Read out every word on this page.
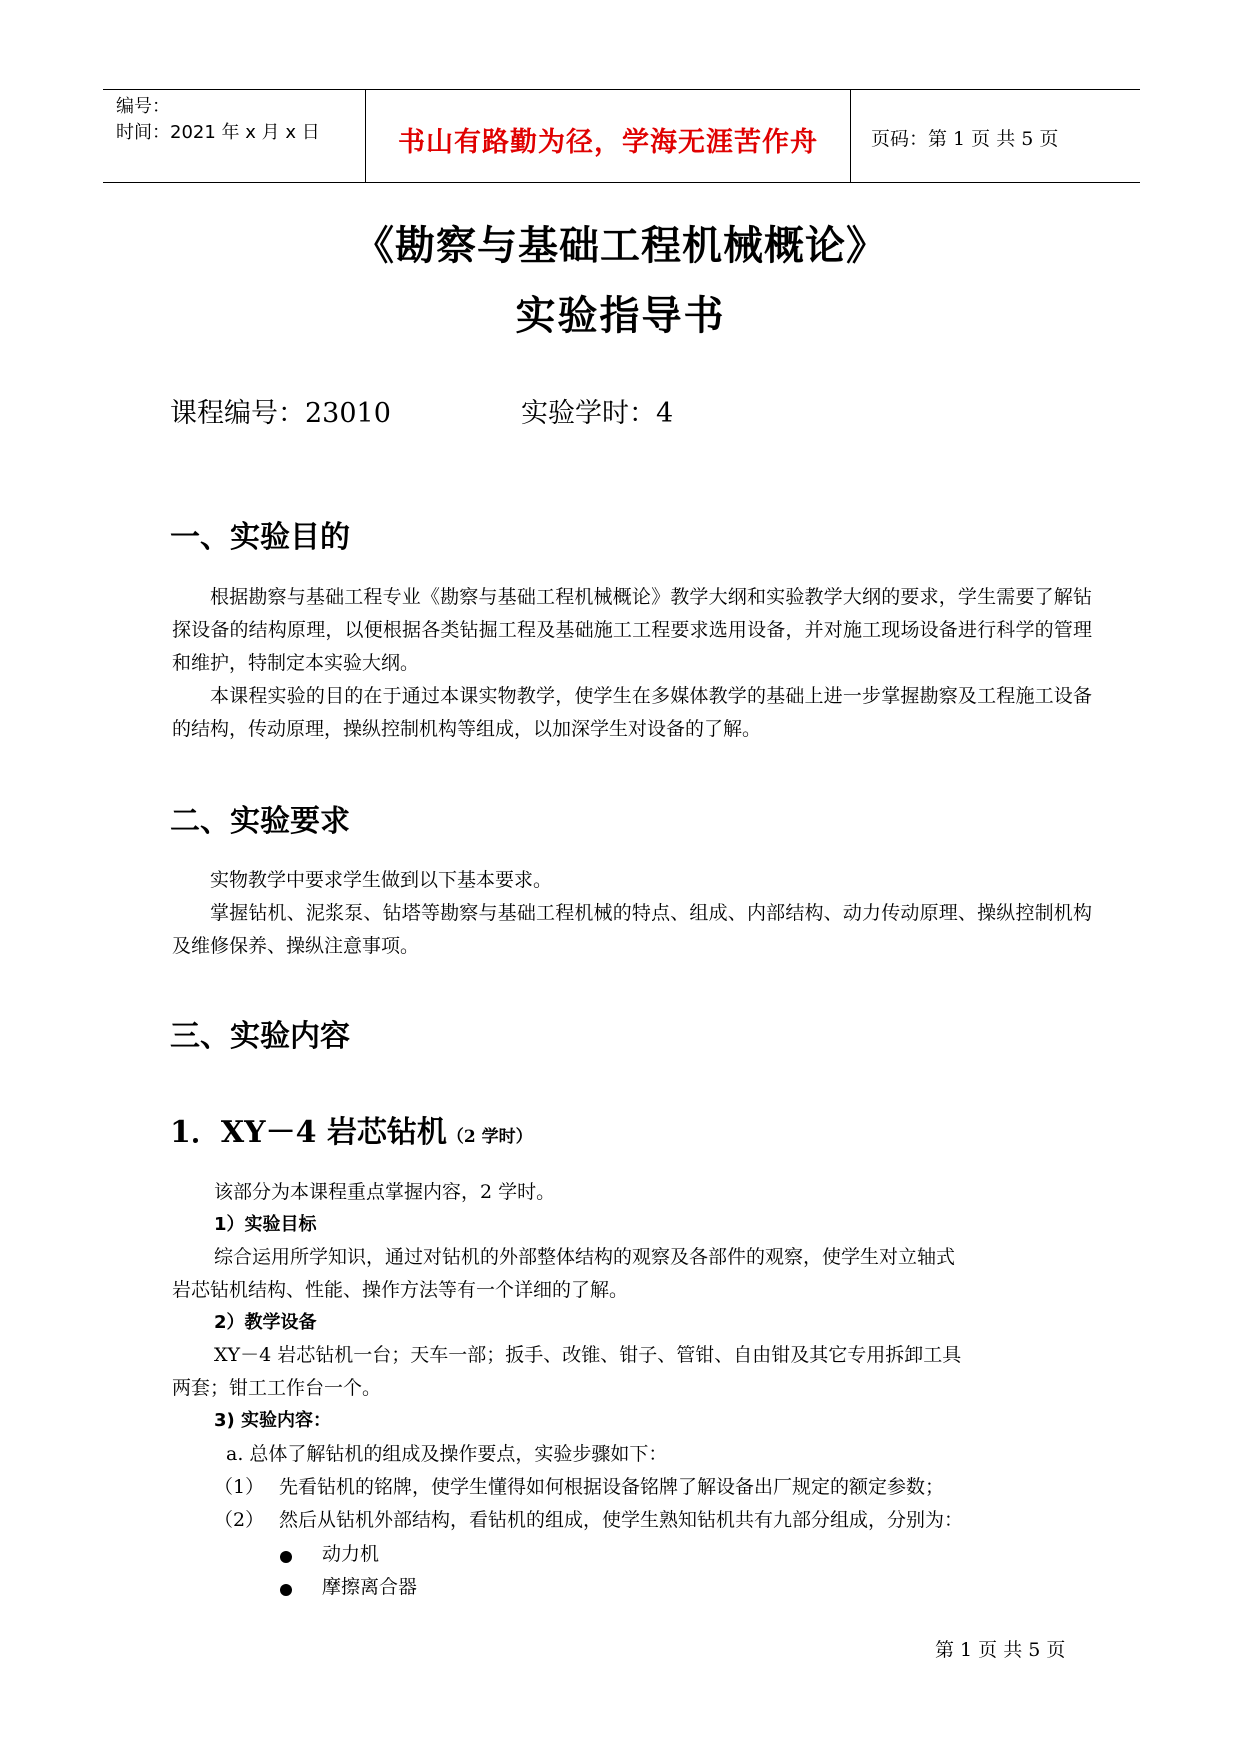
编号：
时间：2021 年 x 月 x 日	书山有路勤为径，学海无涯苦作舟	页码：第 1 页 共 5 页
《勘察与基础工程机械概论》
实验指导书
课程编号：23010	实验学时：4
一、实验目的

根据勘察与基础工程专业《勘察与基础工程机械概论》教学大纲和实验教学大纲的要求，学生需要了解钻探设备的结构原理，以便根据各类钻掘工程及基础施工工程要求选用设备，并对施工现场设备进行科学的管理和维护，特制定本实验大纲。

本课程实验的目的在于通过本课实物教学，使学生在多媒体教学的基础上进一步掌握勘察及工程施工设备的结构，传动原理，操纵控制机构等组成，以加深学生对设备的了解。

二、实验要求

实物教学中要求学生做到以下基本要求。

掌握钻机、泥浆泵、钻塔等勘察与基础工程机械的特点、组成、内部结构、动力传动原理、操纵控制机构及维修保养、操纵注意事项。

三、实验内容
1．XY－4 岩芯钻机（2 学时）
该部分为本课程重点掌握内容，2 学时。
1）实验目标
综合运用所学知识，通过对钻机的外部整体结构的观察及各部件的观察，使学生对立轴式
岩芯钻机结构、性能、操作方法等有一个详细的了解。
2）教学设备
XY－4 岩芯钻机一台；天车一部；扳手、改锥、钳子、管钳、自由钳及其它专用拆卸工具
两套；钳工工作台一个。
3) 实验内容：
a. 总体了解钻机的组成及操作要点，实验步骤如下：
（1） 先看钻机的铭牌，使学生懂得如何根据设备铭牌了解设备出厂规定的额定参数；
（2） 然后从钻机外部结构，看钻机的组成，使学生熟知钻机共有九部分组成，分别为：
动力机
摩擦离合器
第 1 页 共 5 页
